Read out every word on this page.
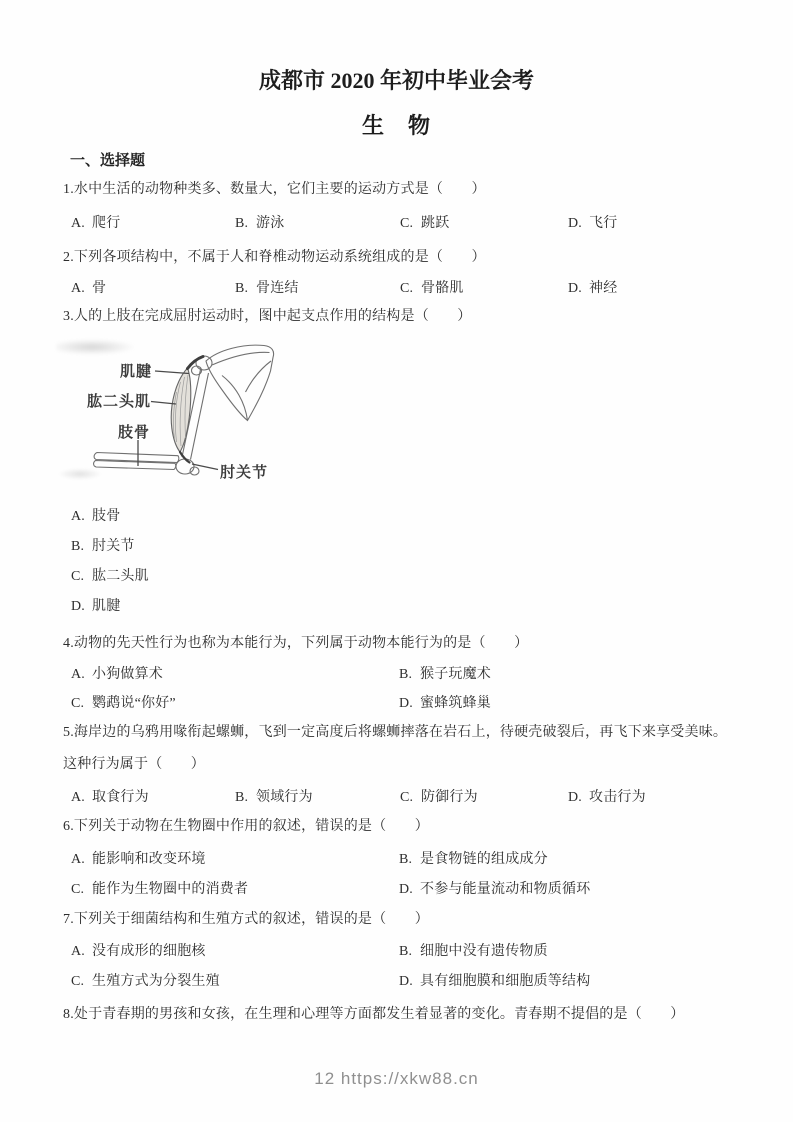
成都市 2020 年初中毕业会考
生　物
一、选择题
1.水中生活的动物种类多、数量大，它们主要的运动方式是（　　）
A. 爬行	B. 游泳	C. 跳跃	D. 飞行
2.下列各项结构中，不属于人和脊椎动物运动系统组成的是（　　）
A. 骨	B. 骨连结	C. 骨骼肌	D. 神经
3.人的上肢在完成屈肘运动时，图中起支点作用的结构是（　　）
肌腱
肱二头肌
肢骨
肘关节
A. 肢骨
B. 肘关节
C. 肱二头肌
D. 肌腱
4.动物的先天性行为也称为本能行为，下列属于动物本能行为的是（　　）
A. 小狗做算术	B. 猴子玩魔术
C. 鹦鹉说“你好”	D. 蜜蜂筑蜂巢
5.海岸边的乌鸦用喙衔起螺蛳，飞到一定高度后将螺蛳摔落在岩石上，待硬壳破裂后，再飞下来享受美味。
这种行为属于（　　）
A. 取食行为	B. 领域行为	C. 防御行为	D. 攻击行为
6.下列关于动物在生物圈中作用的叙述，错误的是（　　）
A. 能影响和改变环境	B. 是食物链的组成成分
C. 能作为生物圈中的消费者	D. 不参与能量流动和物质循环
7.下列关于细菌结构和生殖方式的叙述，错误的是（　　）
A. 没有成形的细胞核	B. 细胞中没有遗传物质
C. 生殖方式为分裂生殖	D. 具有细胞膜和细胞质等结构
8.处于青春期的男孩和女孩，在生理和心理等方面都发生着显著的变化。青春期不提倡的是（　　）
12 https://xkw88.cn
